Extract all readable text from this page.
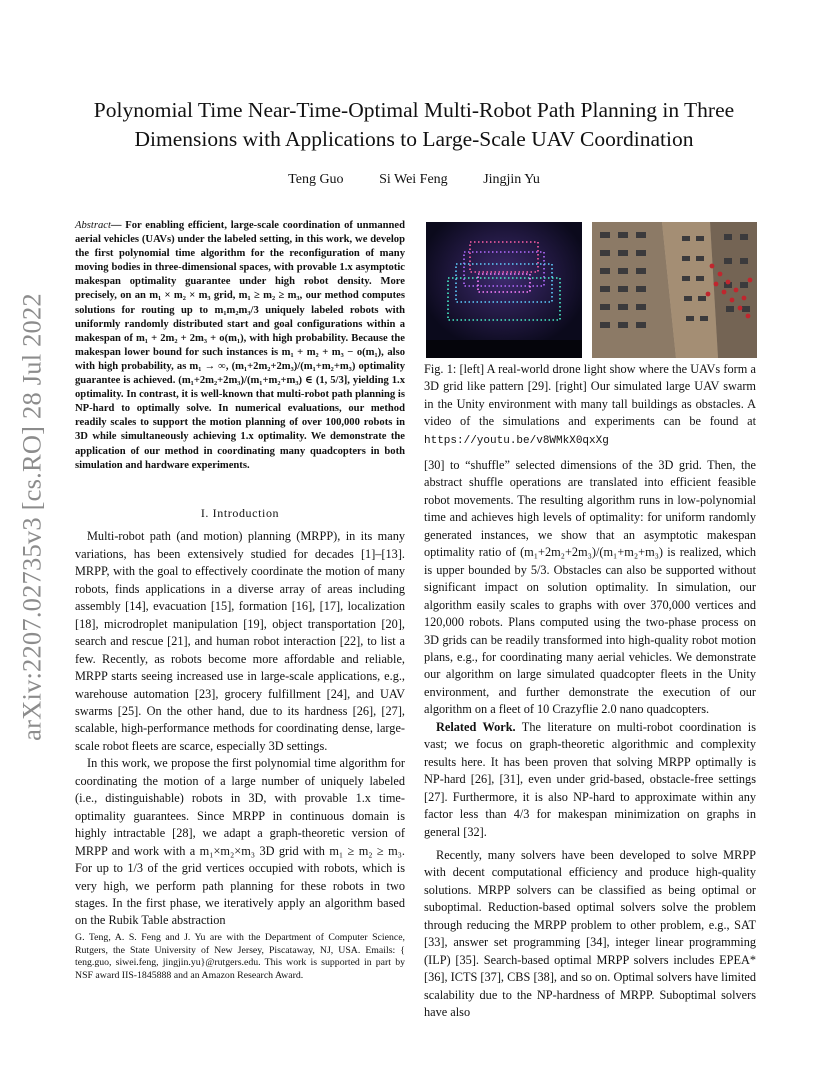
arXiv:2207.02735v3 [cs.RO] 28 Jul 2022
Polynomial Time Near-Time-Optimal Multi-Robot Path Planning in Three
Dimensions with Applications to Large-Scale UAV Coordination
Teng Guo	Si Wei Feng	Jingjin Yu
Abstract— For enabling efficient, large-scale coordination of unmanned aerial vehicles (UAVs) under the labeled setting, in this work, we develop the first polynomial time algorithm for the reconfiguration of many moving bodies in three-dimensional spaces, with provable 1.x asymptotic makespan optimality guarantee under high robot density. More precisely, on an m₁ × m₂ × m₃ grid, m₁ ≥ m₂ ≥ m₃, our method computes solutions for routing up to m₁m₂m₃/3 uniquely labeled robots with uniformly randomly distributed start and goal configurations within a makespan of m₁ + 2m₂ + 2m₃ + o(m₁), with high probability. Because the makespan lower bound for such instances is m₁ + m₂ + m₃ − o(m₁), also with high probability, as m₁ → ∞, (m₁+2m₂+2m₃)/(m₁+m₂+m₃) optimality guarantee is achieved. (m₁+2m₂+2m₃)/(m₁+m₂+m₃) ∈ (1, 5/3], yielding 1.x optimality. In contrast, it is well-known that multi-robot path planning is NP-hard to optimally solve. In numerical evaluations, our method readily scales to support the motion planning of over 100,000 robots in 3D while simultaneously achieving 1.x optimality. We demonstrate the application of our method in coordinating many quadcopters in both simulation and hardware experiments.

I. Introduction

Multi-robot path (and motion) planning (MRPP), in its many variations, has been extensively studied for decades [1]–[13]. MRPP, with the goal to effectively coordinate the motion of many robots, finds applications in a diverse array of areas including assembly [14], evacuation [15], formation [16], [17], localization [18], microdroplet manipulation [19], object transportation [20], search and rescue [21], and human robot interaction [22], to list a few. Recently, as robots become more affordable and reliable, MRPP starts seeing increased use in large-scale applications, e.g., warehouse automation [23], grocery fulfillment [24], and UAV swarms [25]. On the other hand, due to its hardness [26], [27], scalable, high-performance methods for coordinating dense, large-scale robot fleets are scarce, especially 3D settings.

In this work, we propose the first polynomial time algorithm for coordinating the motion of a large number of uniquely labeled (i.e., distinguishable) robots in 3D, with provable 1.x time-optimality guarantees. Since MRPP in continuous domain is highly intractable [28], we adapt a graph-theoretic version of MRPP and work with a m₁×m₂×m₃ 3D grid with m₁ ≥ m₂ ≥ m₃. For up to 1/3 of the grid vertices occupied with robots, which is very high, we perform path planning for these robots in two stages. In the first phase, we iteratively apply an algorithm based on the Rubik Table abstraction

G. Teng, A. S. Feng and J. Yu are with the Department of Computer Science, Rutgers, the State University of New Jersey, Piscataway, NJ, USA. Emails: { teng.guo, siwei.feng, jingjin.yu}@rutgers.edu. This work is supported in part by NSF award IIS-1845888 and an Amazon Research Award.
Fig. 1: [left] A real-world drone light show where the UAVs form a 3D grid like pattern [29]. [right] Our simulated large UAV swarm in the Unity environment with many tall buildings as obstacles. A video of the simulations and experiments can be found at https://youtu.be/v8WMkX0qxXg

[30] to “shuffle” selected dimensions of the 3D grid. Then, the abstract shuffle operations are translated into efficient feasible robot movements. The resulting algorithm runs in low-polynomial time and achieves high levels of optimality: for uniform randomly generated instances, we show that an asymptotic makespan optimality ratio of (m₁+2m₂+2m₃)/(m₁+m₂+m₃) is realized, which is upper bounded by 5/3. Obstacles can also be supported without significant impact on solution optimality. In simulation, our algorithm easily scales to graphs with over 370,000 vertices and 120,000 robots. Plans computed using the two-phase process on 3D grids can be readily transformed into high-quality robot motion plans, e.g., for coordinating many aerial vehicles. We demonstrate our algorithm on large simulated quadcopter fleets in the Unity environment, and further demonstrate the execution of our algorithm on a fleet of 10 Crazyflie 2.0 nano quadcopters.

Related Work. The literature on multi-robot coordination is vast; we focus on graph-theoretic algorithmic and complexity results here. It has been proven that solving MRPP optimally is NP-hard [26], [31], even under grid-based, obstacle-free settings [27]. Furthermore, it is also NP-hard to approximate within any factor less than 4/3 for makespan minimization on graphs in general [32].

Recently, many solvers have been developed to solve MRPP with decent computational efficiency and produce high-quality solutions. MRPP solvers can be classified as being optimal or suboptimal. Reduction-based optimal solvers solve the problem through reducing the MRPP problem to other problem, e.g., SAT [33], answer set programming [34], integer linear programming (ILP) [35]. Search-based optimal MRPP solvers includes EPEA* [36], ICTS [37], CBS [38], and so on. Optimal solvers have limited scalability due to the NP-hardness of MRPP. Suboptimal solvers have also
